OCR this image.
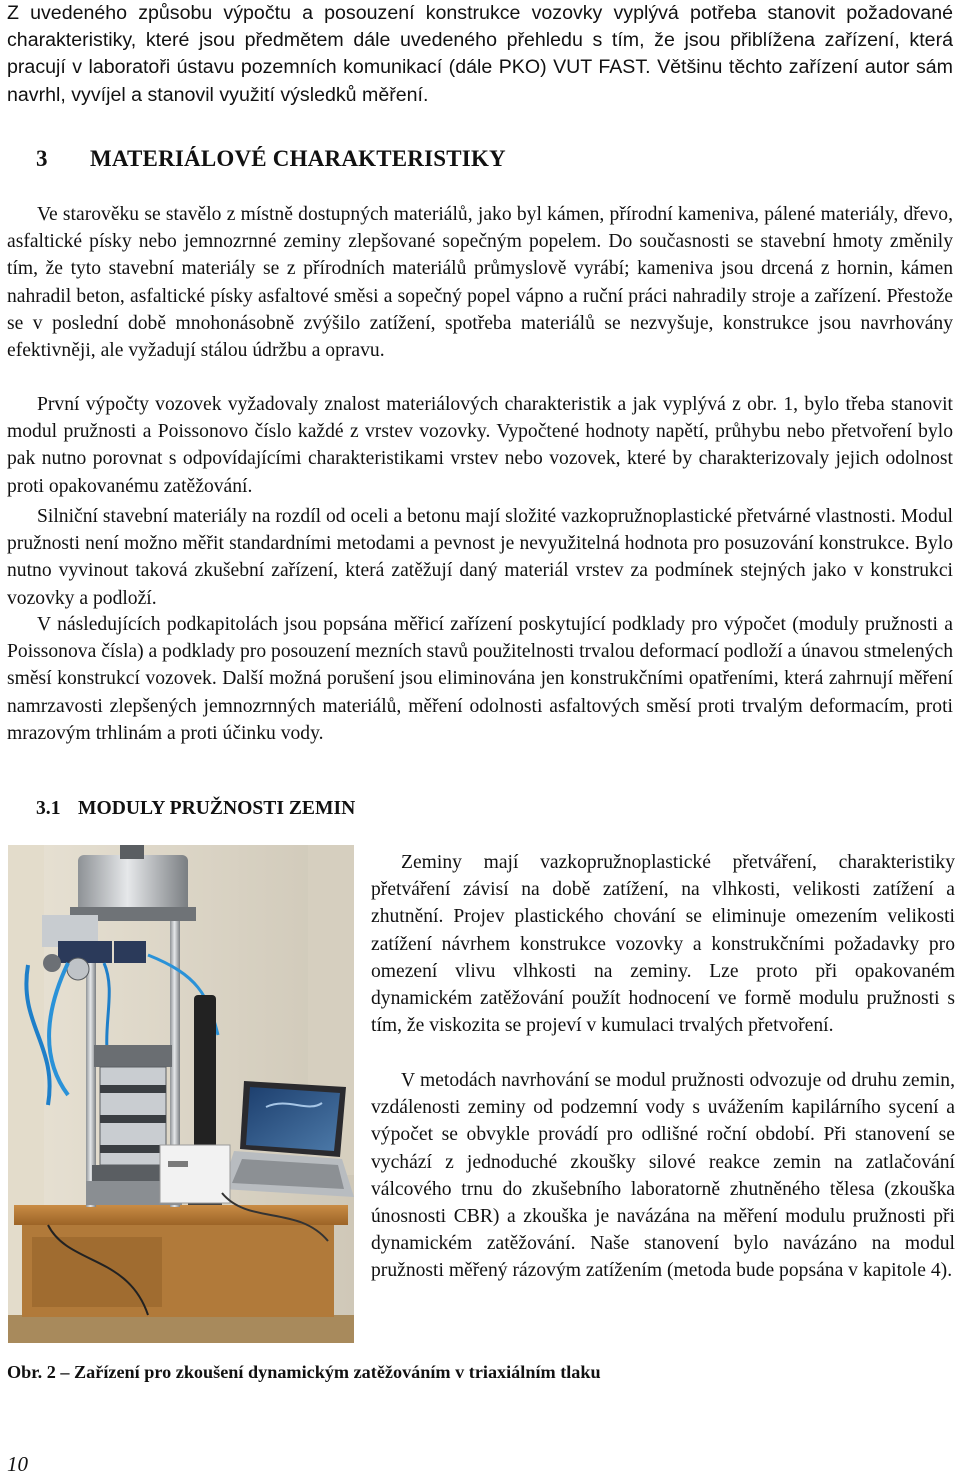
Z uvedeného způsobu výpočtu a posouzení konstrukce vozovky vyplývá potřeba stanovit požadované charakteristiky, které jsou předmětem dále uvedeného přehledu s tím, že jsou přiblížena zařízení, která pracují v laboratoři ústavu pozemních komunikací (dále PKO) VUT FAST. Většinu těchto zařízení autor sám navrhl, vyvíjel a stanovil využití výsledků měření.

3 MATERIÁLOVÉ CHARAKTERISTIKY

Ve starověku se stavělo z místně dostupných materiálů, jako byl kámen, přírodní kameniva, pálené materiály, dřevo, asfaltické písky nebo jemnozrnné zeminy zlepšované sopečným popelem. Do současnosti se stavební hmoty změnily tím, že tyto stavební materiály se z přírodních materiálů průmyslově vyrábí; kameniva jsou drcená z hornin, kámen nahradil beton, asfaltické písky asfaltové směsi a sopečný popel vápno a ruční práci nahradily stroje a zařízení. Přestože se v poslední době mnohonásobně zvýšilo zatížení, spotřeba materiálů se nezvyšuje, konstrukce jsou navrhovány efektivněji, ale vyžadují stálou údržbu a opravu.

První výpočty vozovek vyžadovaly znalost materiálových charakteristik a jak vyplývá z obr. 1, bylo třeba stanovit modul pružnosti a Poissonovo číslo každé z vrstev vozovky. Vypočtené hodnoty napětí, průhybu nebo přetvoření bylo pak nutno porovnat s odpovídajícími charakteristikami vrstev nebo vozovek, které by charakterizovaly jejich odolnost proti opakovanému zatěžování.

Silniční stavební materiály na rozdíl od oceli a betonu mají složité vazkopružnoplastické přetvárné vlastnosti. Modul pružnosti není možno měřit standardními metodami a pevnost je nevyužitelná hodnota pro posuzování konstrukce. Bylo nutno vyvinout taková zkušební zařízení, která zatěžují daný materiál vrstev za podmínek stejných jako v konstrukci vozovky a podloží.

V následujících podkapitolách jsou popsána měřicí zařízení poskytující podklady pro výpočet (moduly pružnosti a Poissonova čísla) a podklady pro posouzení mezních stavů použitelnosti trvalou deformací podloží a únavou stmelených směsí konstrukcí vozovek. Další možná porušení jsou eliminována jen konstrukčními opatřeními, která zahrnují měření namrzavosti zlepšených jemnozrnných materiálů, měření odolnosti asfaltových směsí proti trvalým deformacím, proti mrazovým trhlinám a proti účinku vody.

3.1 MODULY PRUŽNOSTI ZEMIN

Zeminy mají vazkopružnoplastické přetváření, charakteristiky přetváření závisí na době zatížení, na vlhkosti, velikosti zatížení a zhutnění. Projev plastického chování se eliminuje omezením velikosti zatížení návrhem konstrukce vozovky a konstrukčními požadavky pro omezení vlivu vlhkosti na zeminy. Lze proto při opakovaném dynamickém zatěžování použít hodnocení ve formě modulu pružnosti s tím, že viskozita se projeví v kumulaci trvalých přetvoření.

V metodách navrhování se modul pružnosti odvozuje od druhu zemin, vzdálenosti zeminy od podzemní vody s uvážením kapilárního sycení a výpočet se obvykle provádí pro odlišné roční období. Při stanovení se vychází z jednoduché zkoušky silové reakce zemin na zatlačování válcového trnu do zkušebního laboratorně zhutněného tělesa (zkouška únosnosti CBR) a zkouška je navázána na měření modulu pružnosti při dynamickém zatěžování. Naše stanovení bylo navázáno na modul pružnosti měřený rázovým zatížením (metoda bude popsána v kapitole 4).

Obr. 2 – Zařízení pro zkoušení dynamickým zatěžováním v triaxiálním tlaku

10
